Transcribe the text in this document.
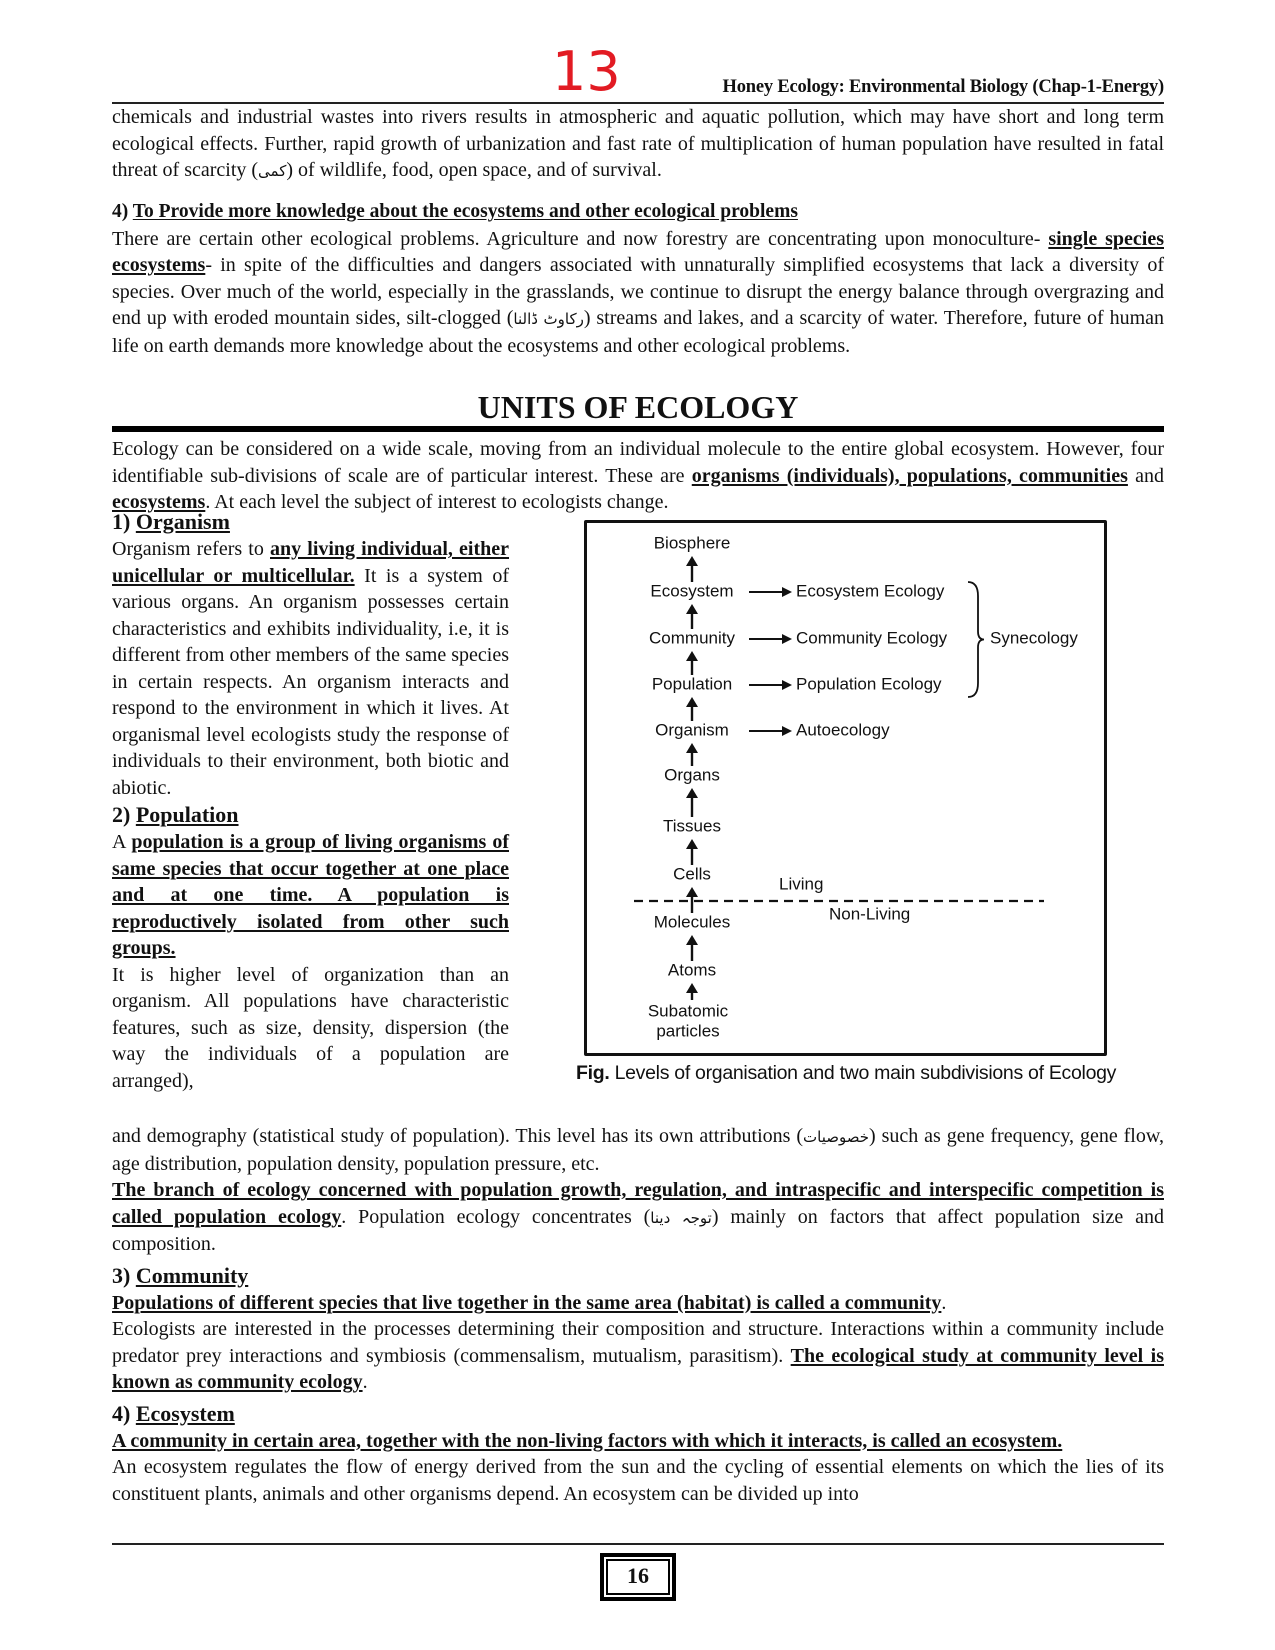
13	Honey Ecology: Environmental Biology (Chap-1-Energy)

chemicals and industrial wastes into rivers results in atmospheric and aquatic pollution, which may have short and long term ecological effects. Further, rapid growth of urbanization and fast rate of multiplication of human population have resulted in fatal threat of scarcity (کمی) of wildlife, food, open space, and of survival.

4) To Provide more knowledge about the ecosystems and other ecological problems

There are certain other ecological problems. Agriculture and now forestry are concentrating upon monoculture- single species ecosystems- in spite of the difficulties and dangers associated with unnaturally simplified ecosystems that lack a diversity of species. Over much of the world, especially in the grasslands, we continue to disrupt the energy balance through overgrazing and end up with eroded mountain sides, silt-clogged (رکاوٹ ڈالنا) streams and lakes, and a scarcity of water. Therefore, future of human life on earth demands more knowledge about the ecosystems and other ecological problems.

UNITS OF ECOLOGY

Ecology can be considered on a wide scale, moving from an individual molecule to the entire global ecosystem. However, four identifiable sub-divisions of scale are of particular interest. These are organisms (individuals), populations, communities and ecosystems. At each level the subject of interest to ecologists change.

1) Organism

Organism refers to any living individual, either unicellular or multicellular. It is a system of various organs. An organism possesses certain characteristics and exhibits individuality, i.e, it is different from other members of the same species in certain respects. An organism interacts and respond to the environment in which it lives. At organismal level ecologists study the response of individuals to their environment, both biotic and abiotic.

2) Population

A population is a group of living organisms of same species that occur together at one place and at one time. A population is reproductively isolated from other such groups.

It is higher level of organization than an organism. All populations have characteristic features, such as size, density, dispersion (the way the individuals of a population are arranged),

Biosphere
Ecosystem
Community
Population
Organism
Organs
Tissues
Cells
Molecules
Atoms
Subatomic
particles
Ecosystem Ecology
Community Ecology
Population Ecology
Autoecology
Synecology
Living
Non-Living
Fig. Levels of organisation and two main subdivisions of Ecology

and demography (statistical study of population). This level has its own attributions (خصوصیات) such as gene frequency, gene flow, age distribution, population density, population pressure, etc.

The branch of ecology concerned with population growth, regulation, and intraspecific and interspecific competition is called population ecology. Population ecology concentrates (توجہ دینا) mainly on factors that affect population size and composition.

3) Community

Populations of different species that live together in the same area (habitat) is called a community.

Ecologists are interested in the processes determining their composition and structure. Interactions within a community include predator prey interactions and symbiosis (commensalism, mutualism, parasitism). The ecological study at community level is known as community ecology.

4) Ecosystem

A community in certain area, together with the non-living factors with which it interacts, is called an ecosystem.

An ecosystem regulates the flow of energy derived from the sun and the cycling of essential elements on which the lies of its constituent plants, animals and other organisms depend. An ecosystem can be divided up into

16
